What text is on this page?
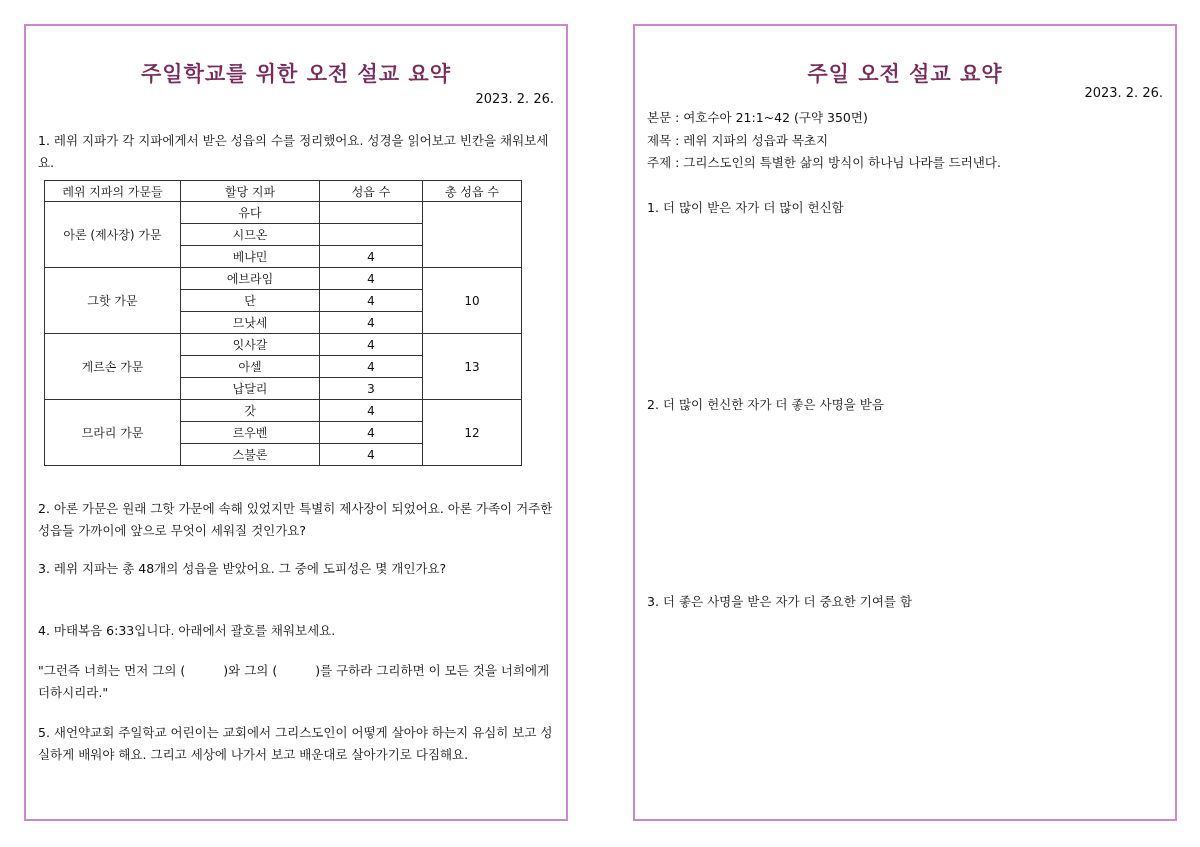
주일학교를 위한 오전 설교 요약
2023. 2. 26.
1. 레위 지파가 각 지파에게서 받은 성읍의 수를 정리했어요. 성경을 읽어보고 빈칸을 채워보세요.
레위 지파의 가문들	할당 지파	성읍 수	총 성읍 수
아론 (제사장) 가문	유다		
	시므온		
	베냐민	4	
그핫 가문	에브라임	4	10
	단	4	
	므낫세	4	
게르손 가문	잇사갈	4	13
	아셀	4	
	납달리	3	
므라리 가문	갓	4	12
	르우벤	4	
	스불론	4	
2. 아론 가문은 원래 그핫 가문에 속해 있었지만 특별히 제사장이 되었어요. 아론 가족이 거주한 성읍들 가까이에 앞으로 무엇이 세워질 것인가요?
3. 레위 지파는 총 48개의 성읍을 받았어요. 그 중에 도피성은 몇 개인가요?
4. 마태복음 6:33입니다. 아래에서 괄호를 채워보세요.
"그런즉 너희는 먼저 그의 (	)와 그의 (	)를 구하라 그리하면 이 모든 것을 너희에게 더하시리라."
5. 새언약교회 주일학교 어린이는 교회에서 그리스도인이 어떻게 살아야 하는지 유심히 보고 성실하게 배워야 해요. 그리고 세상에 나가서 보고 배운대로 살아가기로 다짐해요.
주일 오전 설교 요약
2023. 2. 26.
본문 : 여호수아 21:1~42 (구약 350면)
제목 : 레위 지파의 성읍과 목초지
주제 : 그리스도인의 특별한 삶의 방식이 하나님 나라를 드러낸다.
1. 더 많이 받은 자가 더 많이 헌신함
2. 더 많이 헌신한 자가 더 좋은 사명을 받음
3. 더 좋은 사명을 받은 자가 더 중요한 기여를 함
